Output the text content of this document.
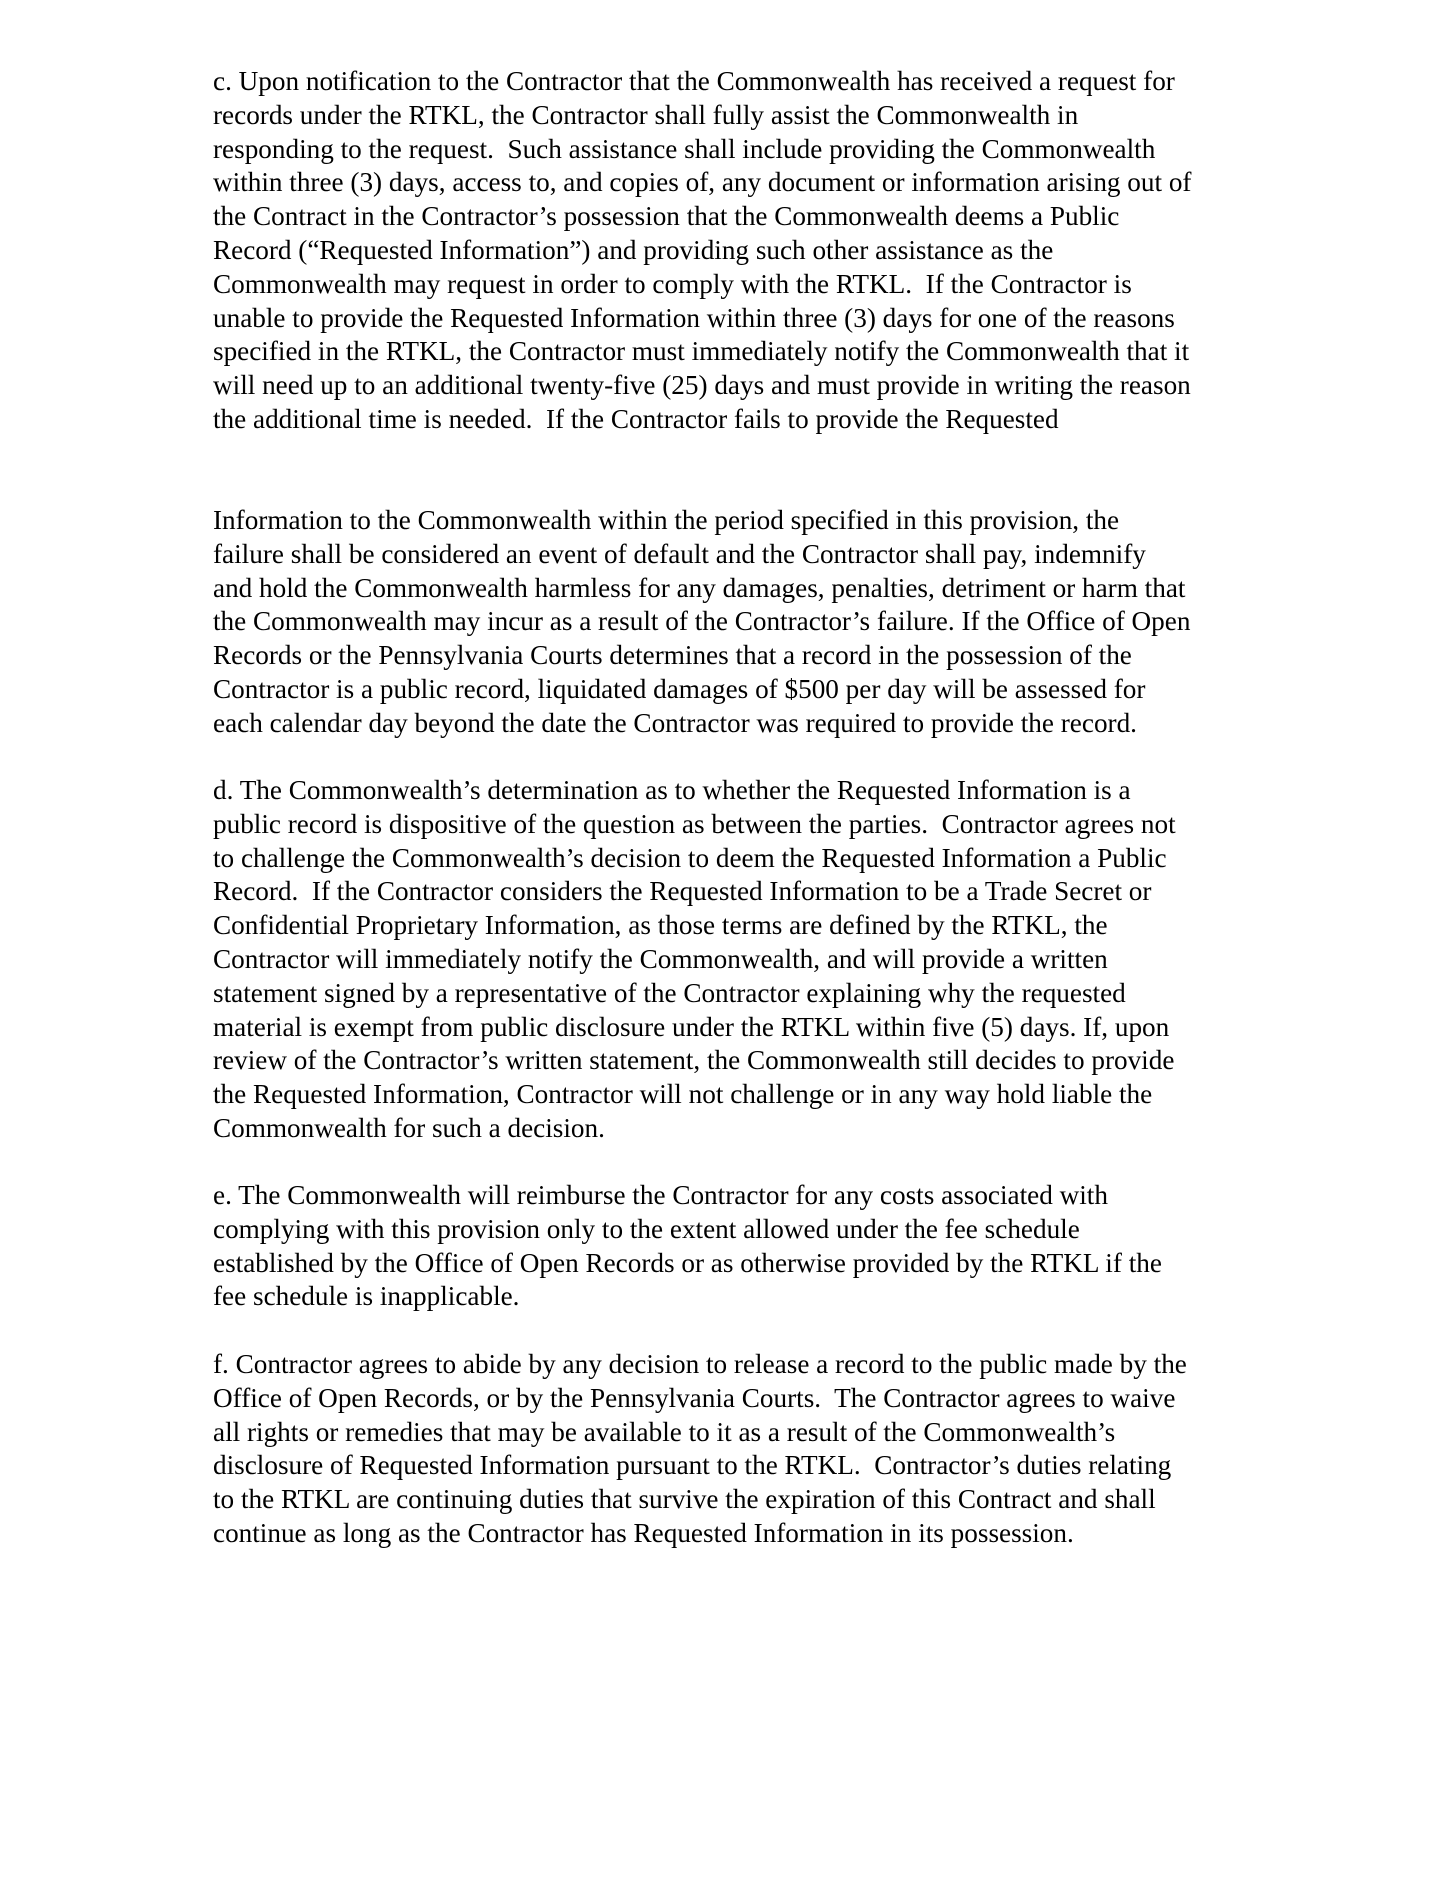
c. Upon notification to the Contractor that the Commonwealth has received a request for
records under the RTKL, the Contractor shall fully assist the Commonwealth in
responding to the request.  Such assistance shall include providing the Commonwealth
within three (3) days, access to, and copies of, any document or information arising out of
the Contract in the Contractor’s possession that the Commonwealth deems a Public
Record (“Requested Information”) and providing such other assistance as the
Commonwealth may request in order to comply with the RTKL.  If the Contractor is
unable to provide the Requested Information within three (3) days for one of the reasons
specified in the RTKL, the Contractor must immediately notify the Commonwealth that it
will need up to an additional twenty-five (25) days and must provide in writing the reason
the additional time is needed.  If the Contractor fails to provide the Requested
Information to the Commonwealth within the period specified in this provision, the
failure shall be considered an event of default and the Contractor shall pay, indemnify
and hold the Commonwealth harmless for any damages, penalties, detriment or harm that
the Commonwealth may incur as a result of the Contractor’s failure. If the Office of Open
Records or the Pennsylvania Courts determines that a record in the possession of the
Contractor is a public record, liquidated damages of $500 per day will be assessed for
each calendar day beyond the date the Contractor was required to provide the record.
d. The Commonwealth’s determination as to whether the Requested Information is a
public record is dispositive of the question as between the parties.  Contractor agrees not
to challenge the Commonwealth’s decision to deem the Requested Information a Public
Record.  If the Contractor considers the Requested Information to be a Trade Secret or
Confidential Proprietary Information, as those terms are defined by the RTKL, the
Contractor will immediately notify the Commonwealth, and will provide a written
statement signed by a representative of the Contractor explaining why the requested
material is exempt from public disclosure under the RTKL within five (5) days. If, upon
review of the Contractor’s written statement, the Commonwealth still decides to provide
the Requested Information, Contractor will not challenge or in any way hold liable the
Commonwealth for such a decision.
e. The Commonwealth will reimburse the Contractor for any costs associated with
complying with this provision only to the extent allowed under the fee schedule
established by the Office of Open Records or as otherwise provided by the RTKL if the
fee schedule is inapplicable.
f. Contractor agrees to abide by any decision to release a record to the public made by the
Office of Open Records, or by the Pennsylvania Courts.  The Contractor agrees to waive
all rights or remedies that may be available to it as a result of the Commonwealth’s
disclosure of Requested Information pursuant to the RTKL.  Contractor’s duties relating
to the RTKL are continuing duties that survive the expiration of this Contract and shall
continue as long as the Contractor has Requested Information in its possession.
